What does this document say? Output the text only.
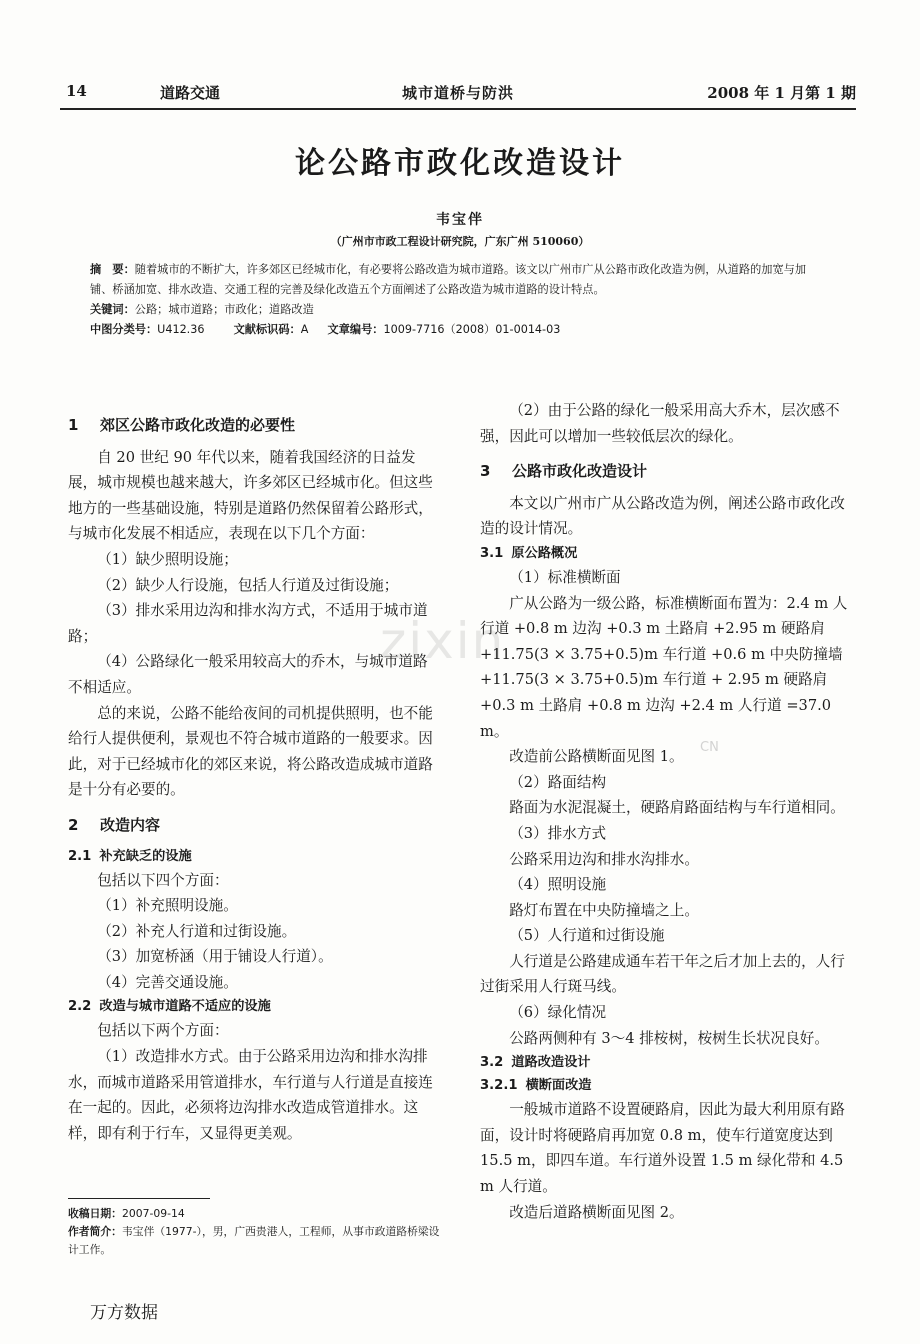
14	道路交通	城市道桥与防洪	2008 年 1 月第 1 期
论公路市政化改造设计
韦宝伴
（广州市市政工程设计研究院，广东广州 510060）
摘　要：随着城市的不断扩大，许多郊区已经城市化，有必要将公路改造为城市道路。该文以广州市广从公路市政化改造为例，从道路的加宽与加铺、桥涵加宽、排水改造、交通工程的完善及绿化改造五个方面阐述了公路改造为城市道路的设计特点。
关键词：公路；城市道路；市政化；道路改造
中图分类号：U412.36	文献标识码：A 文章编号：1009-7716（2008）01-0014-03
zixin
CN
1 郊区公路市政化改造的必要性

自 20 世纪 90 年代以来，随着我国经济的日益发展，城市规模也越来越大，许多郊区已经城市化。但这些地方的一些基础设施，特别是道路仍然保留着公路形式，与城市化发展不相适应，表现在以下几个方面：

（1）缺少照明设施；

（2）缺少人行设施，包括人行道及过街设施；

（3）排水采用边沟和排水沟方式，不适用于城市道路；

（4）公路绿化一般采用较高大的乔木，与城市道路不相适应。

总的来说，公路不能给夜间的司机提供照明，也不能给行人提供便利，景观也不符合城市道路的一般要求。因此，对于已经城市化的郊区来说，将公路改造成城市道路是十分有必要的。

2 改造内容
2.1 补充缺乏的设施

包括以下四个方面：

（1）补充照明设施。

（2）补充人行道和过街设施。

（3）加宽桥涵（用于铺设人行道）。

（4）完善交通设施。

2.2 改造与城市道路不适应的设施

包括以下两个方面：

（1）改造排水方式。由于公路采用边沟和排水沟排水，而城市道路采用管道排水，车行道与人行道是直接连在一起的。因此，必须将边沟排水改造成管道排水。这样，即有利于行车，又显得更美观。

（2）由于公路的绿化一般采用高大乔木，层次感不强，因此可以增加一些较低层次的绿化。

3 公路市政化改造设计

本文以广州市广从公路改造为例，阐述公路市政化改造的设计情况。

3.1 原公路概况

（1）标准横断面

广从公路为一级公路，标准横断面布置为：2.4 m 人行道 +0.8 m 边沟 +0.3 m 土路肩 +2.95 m 硬路肩 +11.75(3 × 3.75+0.5)m 车行道 +0.6 m 中央防撞墙 +11.75(3 × 3.75+0.5)m 车行道 + 2.95 m 硬路肩 +0.3 m 土路肩 +0.8 m 边沟 +2.4 m 人行道 =37.0 m。

改造前公路横断面见图 1。

（2）路面结构

路面为水泥混凝土，硬路肩路面结构与车行道相同。

（3）排水方式

公路采用边沟和排水沟排水。

（4）照明设施

路灯布置在中央防撞墙之上。

（5）人行道和过街设施

人行道是公路建成通车若干年之后才加上去的，人行过街采用人行斑马线。

（6）绿化情况

公路两侧种有 3～4 排桉树，桉树生长状况良好。

3.2 道路改造设计
3.2.1 横断面改造

一般城市道路不设置硬路肩，因此为最大利用原有路面，设计时将硬路肩再加宽 0.8 m，使车行道宽度达到 15.5 m，即四车道。车行道外设置 1.5 m 绿化带和 4.5 m 人行道。

改造后道路横断面见图 2。

收稿日期：2007-09-14
作者简介：韦宝伴（1977-），男，广西贵港人，工程师，从事市政道路桥梁设计工作。
万方数据
